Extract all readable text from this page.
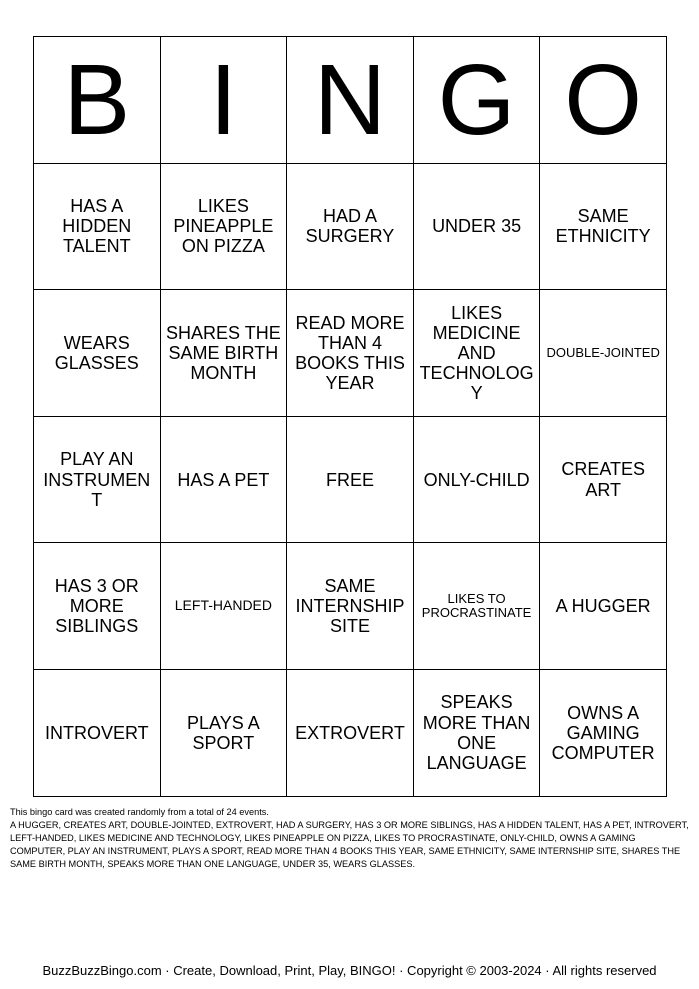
B	I	N	G	O
HAS A HIDDEN TALENT	LIKES PINEAPPLE ON PIZZA	HAD A SURGERY	UNDER 35	SAME ETHNICITY
WEARS GLASSES	SHARES THE SAME BIRTH MONTH	READ MORE THAN 4 BOOKS THIS YEAR	LIKES MEDICINE AND TECHNOLOGY	DOUBLE-JOINTED
PLAY AN INSTRUMENT	HAS A PET	FREE	ONLY-CHILD	CREATES ART
HAS 3 OR MORE SIBLINGS	LEFT-HANDED	SAME INTERNSHIP SITE	LIKES TO PROCRASTINATE	A HUGGER
INTROVERT	PLAYS A SPORT	EXTROVERT	SPEAKS MORE THAN ONE LANGUAGE	OWNS A GAMING COMPUTER

This bingo card was created randomly from a total of 24 events.

A HUGGER, CREATES ART, DOUBLE-JOINTED, EXTROVERT, HAD A SURGERY, HAS 3 OR MORE SIBLINGS, HAS A HIDDEN TALENT, HAS A PET, INTROVERT, LEFT-HANDED, LIKES MEDICINE AND TECHNOLOGY, LIKES PINEAPPLE ON PIZZA, LIKES TO PROCRASTINATE, ONLY-CHILD, OWNS A GAMING COMPUTER, PLAY AN INSTRUMENT, PLAYS A SPORT, READ MORE THAN 4 BOOKS THIS YEAR, SAME ETHNICITY, SAME INTERNSHIP SITE, SHARES THE SAME BIRTH MONTH, SPEAKS MORE THAN ONE LANGUAGE, UNDER 35, WEARS GLASSES.

BuzzBuzzBingo.com · Create, Download, Print, Play, BINGO! · Copyright © 2003-2024 · All rights reserved
